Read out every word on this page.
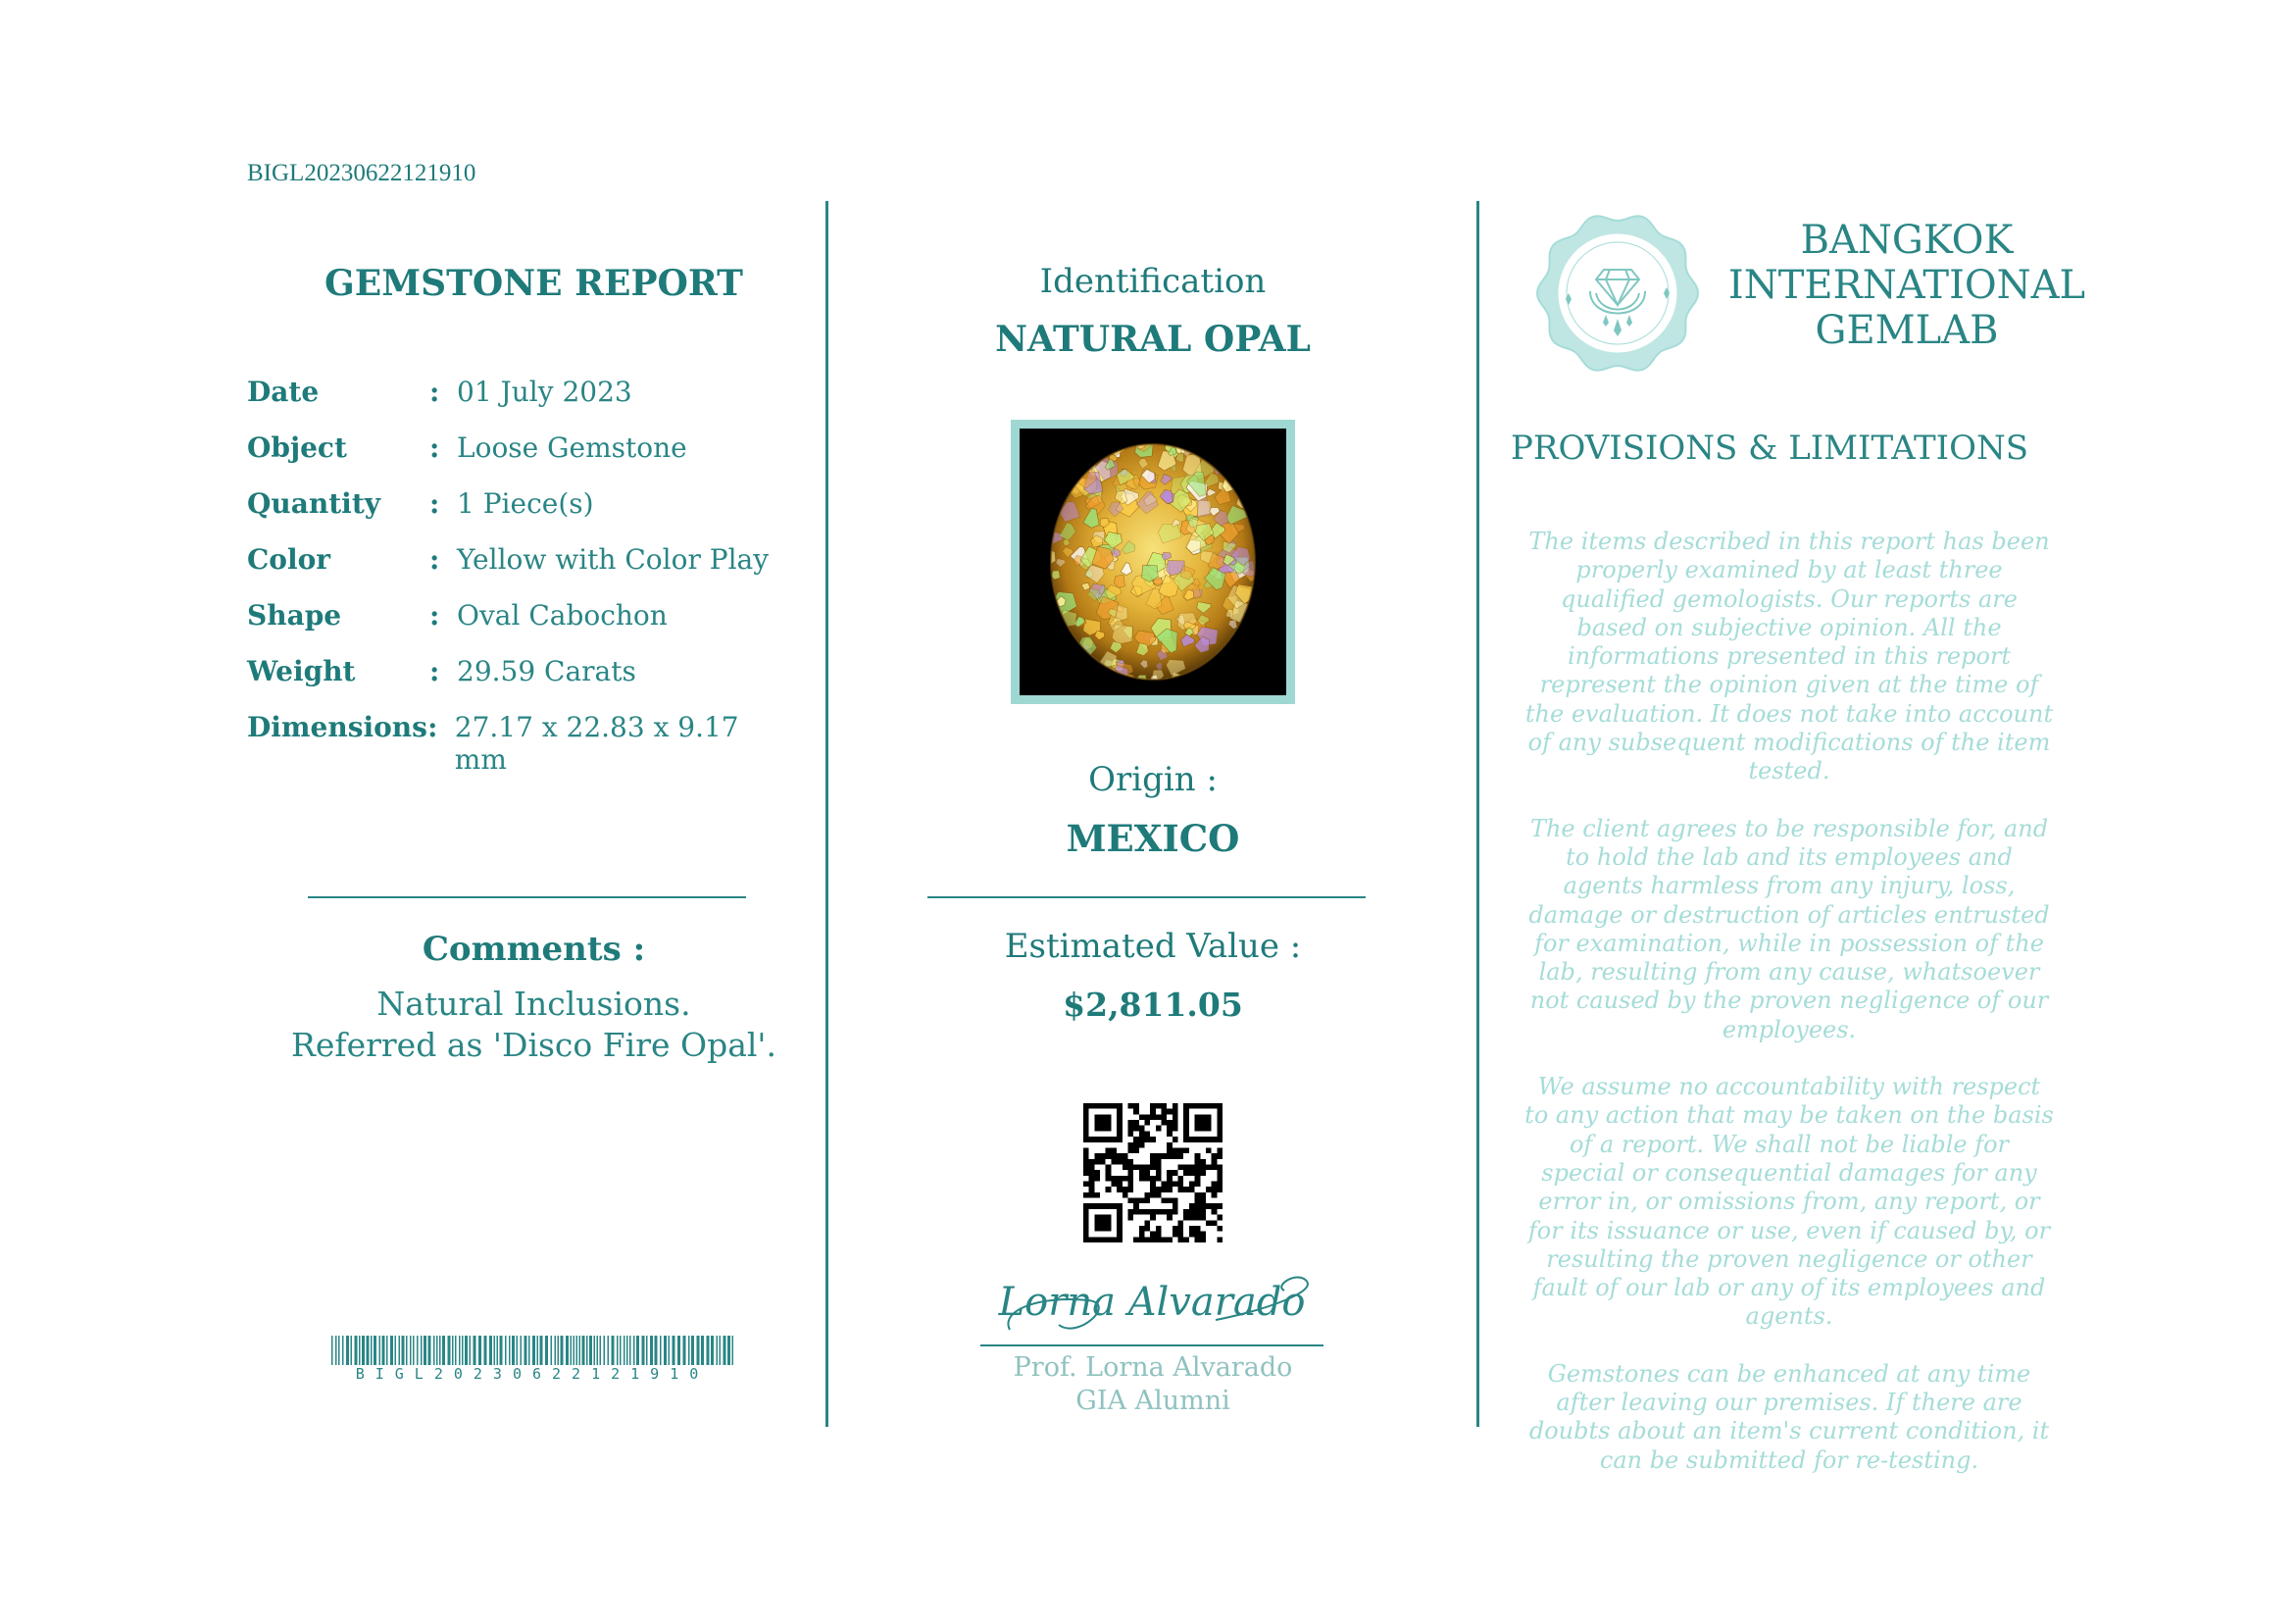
BIGL20230622121910
GEMSTONE REPORT
Date	: 01 July 2023
Object	: Loose Gemstone
Quantity	: 1 Piece(s)
Color	: Yellow with Color Play
Shape	: Oval Cabochon
Weight	: 29.59 Carats
Dimensions : 27.17 x 22.83 x 9.17 mm
Comments :
Natural Inclusions.
Referred as 'Disco Fire Opal'.
BIGL20230622121910
Identification
NATURAL OPAL
Origin :
MEXICO
Estimated Value :
$2,811.05
Lorna Alvarado
Prof. Lorna Alvarado
GIA Alumni
BANGKOK
INTERNATIONAL
GEMLAB
PROVISIONS & LIMITATIONS

The items described in this report has been properly examined by at least three qualified gemologists. Our reports are based on subjective opinion. All the informations presented in this report represent the opinion given at the time of the evaluation. It does not take into account of any subsequent modifications of the item tested.

The client agrees to be responsible for, and to hold the lab and its employees and agents harmless from any injury, loss, damage or destruction of articles entrusted for examination, while in possession of the lab, resulting from any cause, whatsoever not caused by the proven negligence of our employees.

We assume no accountability with respect to any action that may be taken on the basis of a report. We shall not be liable for special or consequential damages for any error in, or omissions from, any report, or for its issuance or use, even if caused by, or resulting the proven negligence or other fault of our lab or any of its employees and agents.

Gemstones can be enhanced at any time after leaving our premises. If there are doubts about an item's current condition, it can be submitted for re-testing.
